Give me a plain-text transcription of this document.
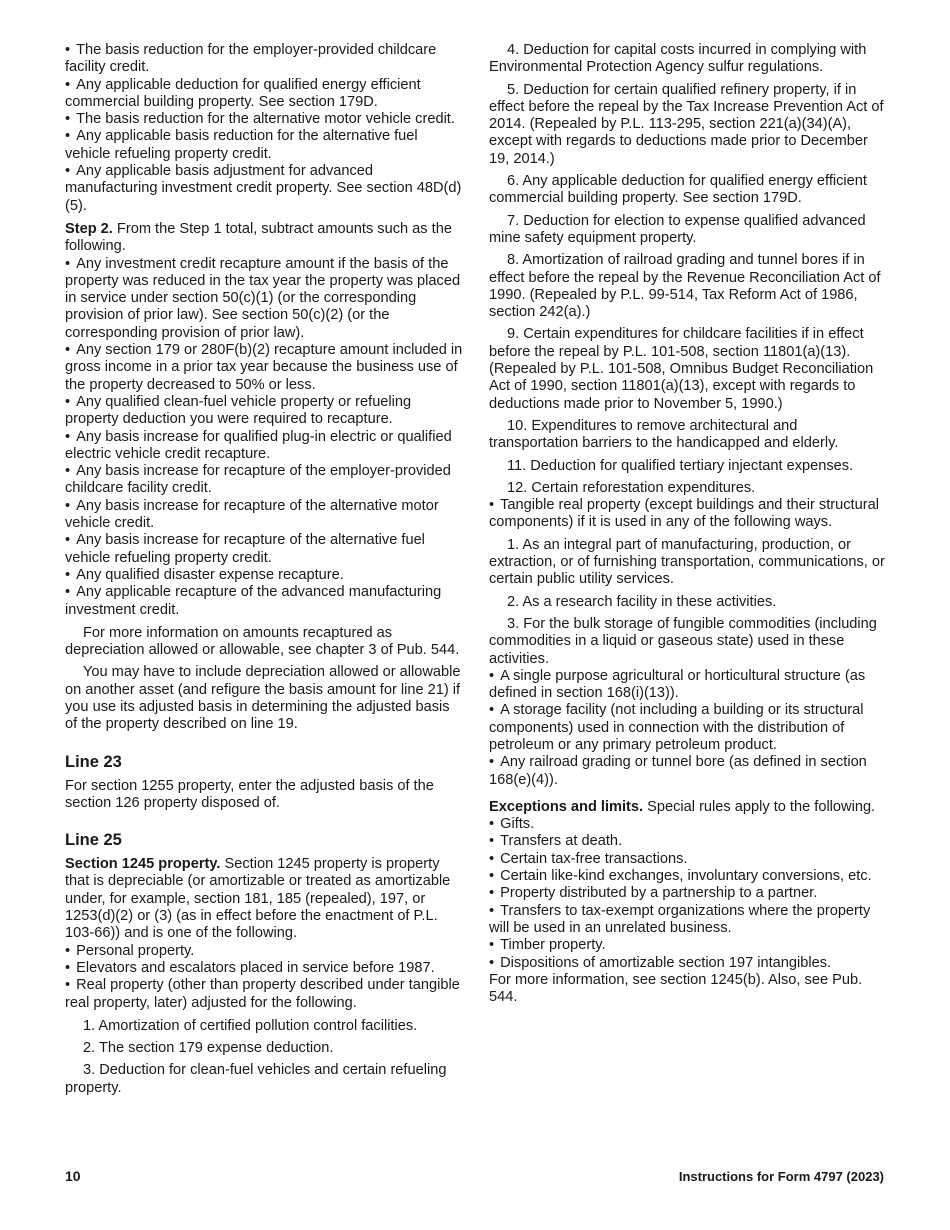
• The basis reduction for the employer-provided childcare facility credit.

• Any applicable deduction for qualified energy efficient commercial building property. See section 179D.

• The basis reduction for the alternative motor vehicle credit.

• Any applicable basis reduction for the alternative fuel vehicle refueling property credit.

• Any applicable basis adjustment for advanced manufacturing investment credit property. See section 48D(d)(5).

Step 2. From the Step 1 total, subtract amounts such as the following.

• Any investment credit recapture amount if the basis of the property was reduced in the tax year the property was placed in service under section 50(c)(1) (or the corresponding provision of prior law). See section 50(c)(2) (or the corresponding provision of prior law).

• Any section 179 or 280F(b)(2) recapture amount included in gross income in a prior tax year because the business use of the property decreased to 50% or less.

• Any qualified clean-fuel vehicle property or refueling property deduction you were required to recapture.

• Any basis increase for qualified plug-in electric or qualified electric vehicle credit recapture.

• Any basis increase for recapture of the employer-provided childcare facility credit.

• Any basis increase for recapture of the alternative motor vehicle credit.

• Any basis increase for recapture of the alternative fuel vehicle refueling property credit.

• Any qualified disaster expense recapture.

• Any applicable recapture of the advanced manufacturing investment credit.

For more information on amounts recaptured as depreciation allowed or allowable, see chapter 3 of Pub. 544.

You may have to include depreciation allowed or allowable on another asset (and refigure the basis amount for line 21) if you use its adjusted basis in determining the adjusted basis of the property described on line 19.

Line 23

For section 1255 property, enter the adjusted basis of the section 126 property disposed of.

Line 25

Section 1245 property. Section 1245 property is property that is depreciable (or amortizable or treated as amortizable under, for example, section 181, 185 (repealed), 197, or 1253(d)(2) or (3) (as in effect before the enactment of P.L. 103-66)) and is one of the following.

• Personal property.

• Elevators and escalators placed in service before 1987.

• Real property (other than property described under tangible real property, later) adjusted for the following.

1. Amortization of certified pollution control facilities.

2. The section 179 expense deduction.

3. Deduction for clean-fuel vehicles and certain refueling property.

4. Deduction for capital costs incurred in complying with Environmental Protection Agency sulfur regulations.

5. Deduction for certain qualified refinery property, if in effect before the repeal by the Tax Increase Prevention Act of 2014. (Repealed by P.L. 113-295, section 221(a)(34)(A), except with regards to deductions made prior to December 19, 2014.)

6. Any applicable deduction for qualified energy efficient commercial building property. See section 179D.

7. Deduction for election to expense qualified advanced mine safety equipment property.

8. Amortization of railroad grading and tunnel bores if in effect before the repeal by the Revenue Reconciliation Act of 1990. (Repealed by P.L. 99-514, Tax Reform Act of 1986, section 242(a).)

9. Certain expenditures for childcare facilities if in effect before the repeal by P.L. 101-508, section 11801(a)(13). (Repealed by P.L. 101-508, Omnibus Budget Reconciliation Act of 1990, section 11801(a)(13), except with regards to deductions made prior to November 5, 1990.)

10. Expenditures to remove architectural and transportation barriers to the handicapped and elderly.

11. Deduction for qualified tertiary injectant expenses.

12. Certain reforestation expenditures.

• Tangible real property (except buildings and their structural components) if it is used in any of the following ways.

1. As an integral part of manufacturing, production, or extraction, or of furnishing transportation, communications, or certain public utility services.

2. As a research facility in these activities.

3. For the bulk storage of fungible commodities (including commodities in a liquid or gaseous state) used in these activities.

• A single purpose agricultural or horticultural structure (as defined in section 168(i)(13)).

• A storage facility (not including a building or its structural components) used in connection with the distribution of petroleum or any primary petroleum product.

• Any railroad grading or tunnel bore (as defined in section 168(e)(4)).

Exceptions and limits. Special rules apply to the following.

• Gifts.

• Transfers at death.

• Certain tax-free transactions.

• Certain like-kind exchanges, involuntary conversions, etc.

• Property distributed by a partnership to a partner.

• Transfers to tax-exempt organizations where the property will be used in an unrelated business.

• Timber property.

• Dispositions of amortizable section 197 intangibles.

For more information, see section 1245(b). Also, see Pub. 544.

10	Instructions for Form 4797 (2023)
